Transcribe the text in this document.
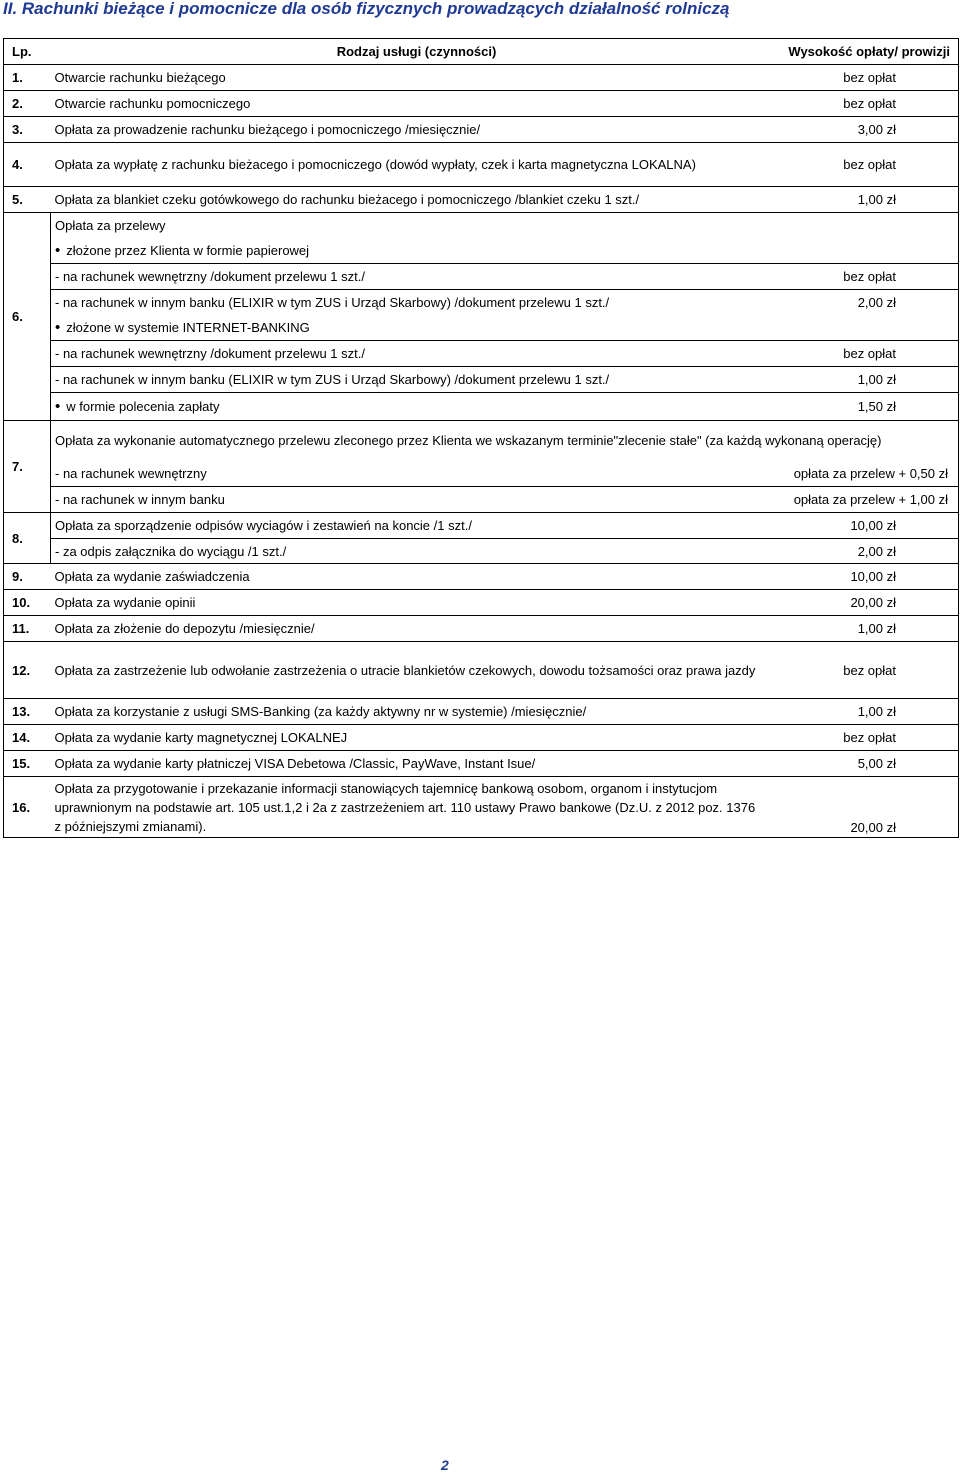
II. Rachunki bieżące i pomocnicze dla osób fizycznych prowadzących działalność rolniczą
Lp.	Rodzaj usługi (czynności)	Wysokość opłaty/ prowizji
1.	Otwarcie rachunku bieżącego	bez opłat
2.	Otwarcie rachunku pomocniczego	bez opłat
3.	Opłata za prowadzenie rachunku bieżącego i pomocniczego /miesięcznie/	3,00 zł
4.	Opłata za wypłatę z rachunku bieżacego i pomocniczego (dowód wypłaty, czek i karta magnetyczna LOKALNA)	bez opłat
5.	Opłata za blankiet czeku gotówkowego do rachunku bieżacego i pomocniczego /blankiet czeku 1 szt./	1,00 zł
6.	Opłata za przelewy	
• złożone przez Klienta w formie papierowej	
	- na rachunek wewnętrzny /dokument przelewu 1 szt./	bez opłat
	- na rachunek w innym banku (ELIXIR w tym ZUS i Urząd Skarbowy) /dokument przelewu 1 szt./	2,00 zł
• złożone w systemie INTERNET-BANKING	
	- na rachunek wewnętrzny /dokument przelewu 1 szt./	bez opłat
	- na rachunek w innym banku (ELIXIR w tym ZUS i Urząd Skarbowy) /dokument przelewu 1 szt./	1,00 zł
• w formie polecenia zapłaty	1,50 zł
7.	Opłata za wykonanie automatycznego przelewu zleconego przez Klienta we wskazanym terminie"zlecenie stałe" (za każdą wykonaną operację)	
	- na rachunek wewnętrzny	opłata za przelew + 0,50 zł
	- na rachunek w innym banku	opłata za przelew + 1,00 zł
8.	Opłata za sporządzenie odpisów wyciagów i zestawień na koncie /1 szt./	10,00 zł
	- za odpis załącznika do wyciągu /1 szt./	2,00 zł
9.	Opłata za wydanie zaświadczenia	10,00 zł
10.	Opłata za wydanie opinii	20,00 zł
11.	Opłata za złożenie do depozytu /miesięcznie/	1,00 zł
12.	Opłata za zastrzeżenie lub odwołanie zastrzeżenia o utracie blankietów czekowych, dowodu tożsamości oraz prawa jazdy	bez opłat
13.	Opłata za korzystanie z usługi SMS-Banking (za każdy aktywny nr w systemie) /miesięcznie/	1,00 zł
14.	Opłata za wydanie karty magnetycznej LOKALNEJ	bez opłat
15.	Opłata za wydanie karty płatniczej VISA Debetowa /Classic, PayWave, Instant Isue/	5,00 zł
16.	Opłata za przygotowanie i przekazanie informacji stanowiących tajemnicę bankową osobom, organom i instytucjom uprawnionym na podstawie art. 105 ust.1,2 i 2a z zastrzeżeniem art. 110 ustawy Prawo bankowe (Dz.U. z 2012 poz. 1376 z późniejszymi zmianami).	20,00 zł
2
